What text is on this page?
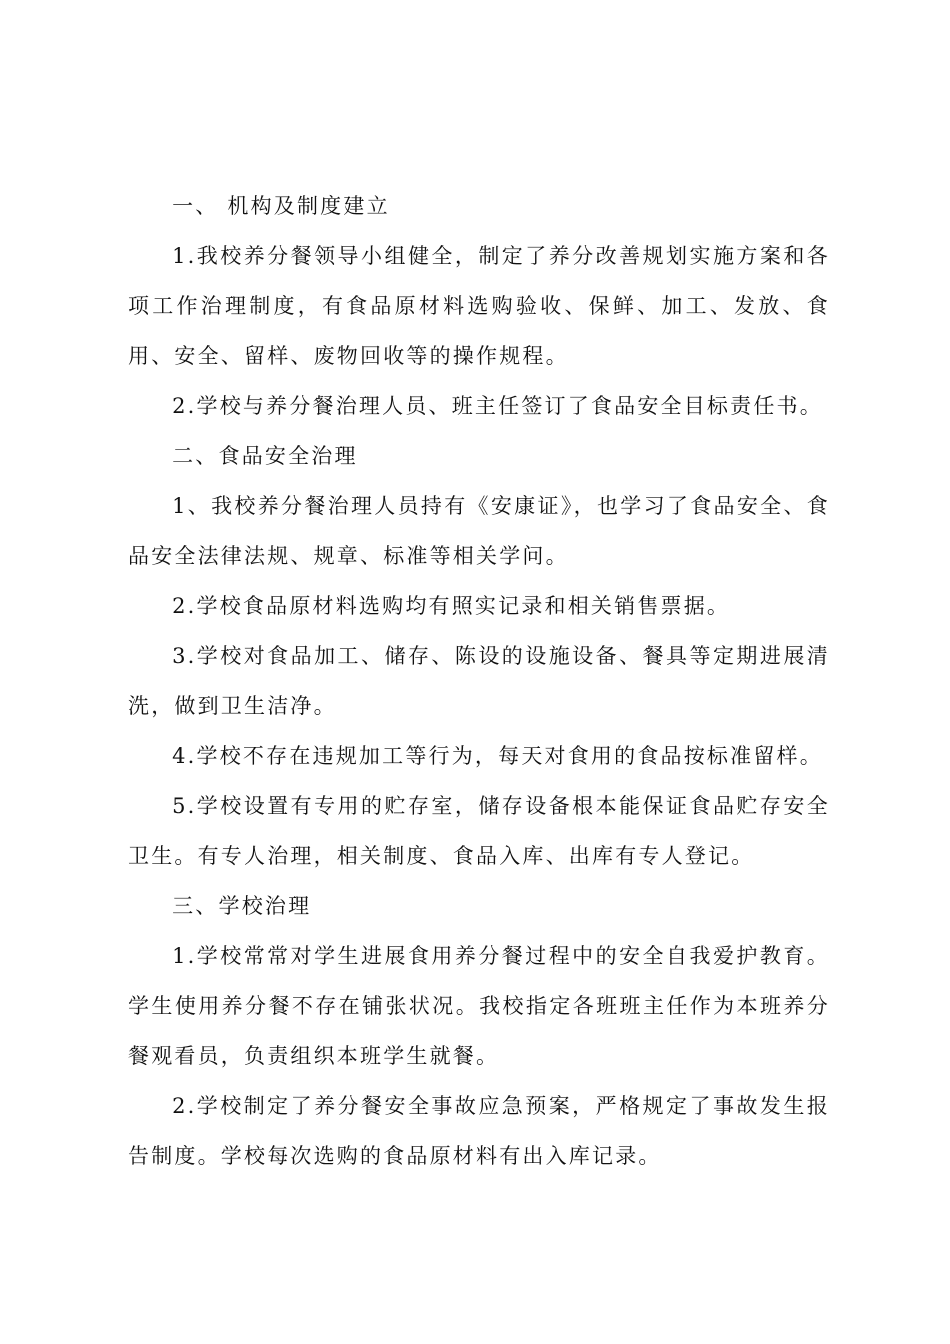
一、 机构及制度建立

1.我校养分餐领导小组健全，制定了养分改善规划实施方案和各项工作治理制度，有食品原材料选购验收、保鲜、加工、发放、食用、安全、留样、废物回收等的操作规程。

2.学校与养分餐治理人员、班主任签订了食品安全目标责任书。

二、食品安全治理

1、我校养分餐治理人员持有《安康证》，也学习了食品安全、食品安全法律法规、规章、标准等相关学问。

2.学校食品原材料选购均有照实记录和相关销售票据。

3.学校对食品加工、储存、陈设的设施设备、餐具等定期进展清洗，做到卫生洁净。

4.学校不存在违规加工等行为，每天对食用的食品按标准留样。

5.学校设置有专用的贮存室，储存设备根本能保证食品贮存安全卫生。有专人治理，相关制度、食品入库、出库有专人登记。

三、学校治理

1.学校常常对学生进展食用养分餐过程中的安全自我爱护教育。学生使用养分餐不存在铺张状况。我校指定各班班主任作为本班养分餐观看员，负责组织本班学生就餐。

2.学校制定了养分餐安全事故应急预案，严格规定了事故发生报告制度。学校每次选购的食品原材料有出入库记录。
